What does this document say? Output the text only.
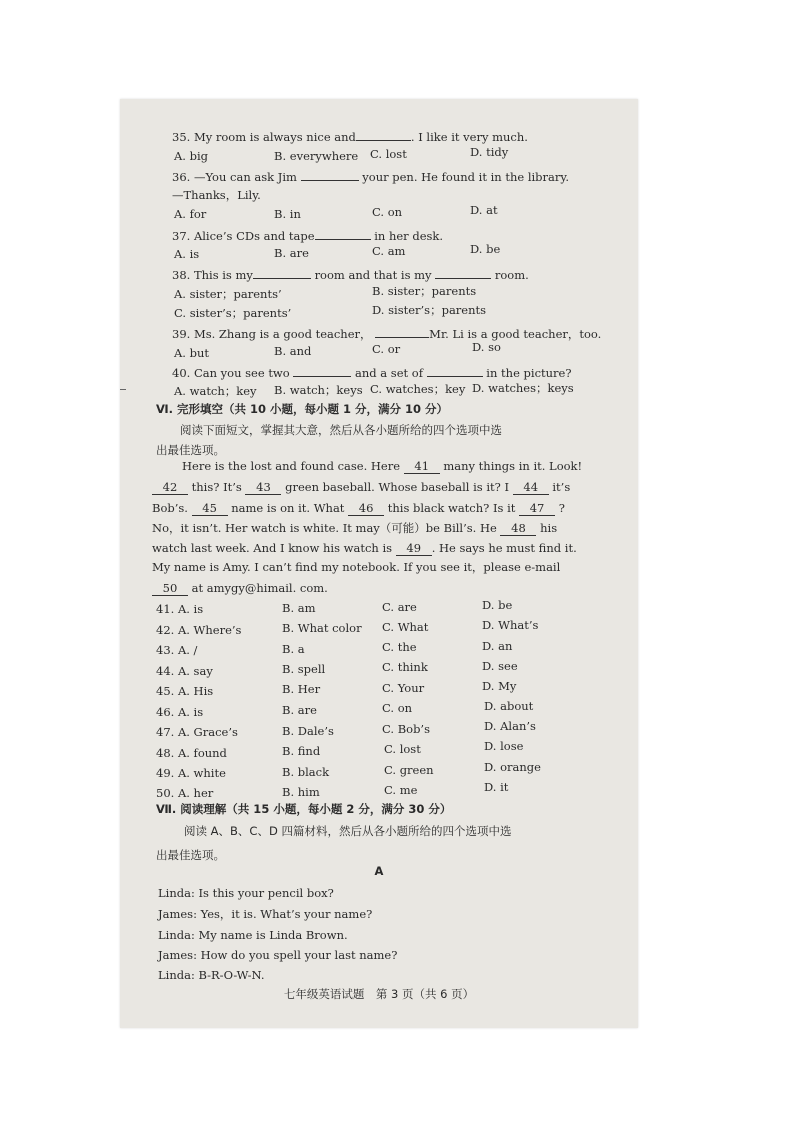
35. My room is always nice and	. I like it very much.
A. big	B. everywhere C. lost	D. tidy
36. —You can ask Jim	your pen. He found it in the library.
—Thanks，Lily.
A. for	B. in	C. on	D. at
37. Alice’s CDs and tape	in her desk.
A. is	B. are	C. am	D. be
38. This is my	room and that is my	room.
A. sister；parents’	B. sister；parents
C. sister’s；parents’	D. sister’s；parents
39. Ms. Zhang is a good teacher，	Mr. Li is a good teacher，too.
A. but	B. and	C. or	D. so
40. Can you see two	and a set of	in the picture?
A. watch；key B. watch；keys C. watches；key D. watches；keys
Ⅵ. 完形填空（共 10 小题，每小题 1 分，满分 10 分）
阅读下面短文，掌握其大意，然后从各小题所给的四个选项中选
出最佳选项。
Here is the lost and found case. Here 41 many things in it. Look!
42 this? It’s 43 green baseball. Whose baseball is it? I 44 it’s
Bob’s. 45 name is on it. What 46 this black watch? Is it 47 ?
No，it isn’t. Her watch is white. It may（可能）be Bill’s. He 48 his
watch last week. And I know his watch is 49 . He says he must find it.
My name is Amy. I can’t find my notebook. If you see it，please e-mail
50 at amygy@himail. com.
41. A. is	B. am	C. are	D. be
42. A. Where’s	B. What color C. What	D. What’s
43. A. /	B. a	C. the	D. an
44. A. say	B. spell	C. think	D. see
45. A. His	B. Her	C. Your	D. My
46. A. is	B. are	C. on	D. about
47. A. Grace’s	B. Dale’s	C. Bob’s	D. Alan’s
48. A. found	B. find	C. lost	D. lose
49. A. white	B. black	C. green	D. orange
50. A. her	B. him	C. me	D. it
Ⅶ. 阅读理解（共 15 小题，每小题 2 分，满分 30 分）
阅读 A、B、C、D 四篇材料，然后从各小题所给的四个选项中选
出最佳选项。
A
Linda: Is this your pencil box?
James: Yes，it is. What’s your name?
Linda: My name is Linda Brown.
James: How do you spell your last name?
Linda: B-R-O-W-N.
七年级英语试题　第 3 页（共 6 页）
